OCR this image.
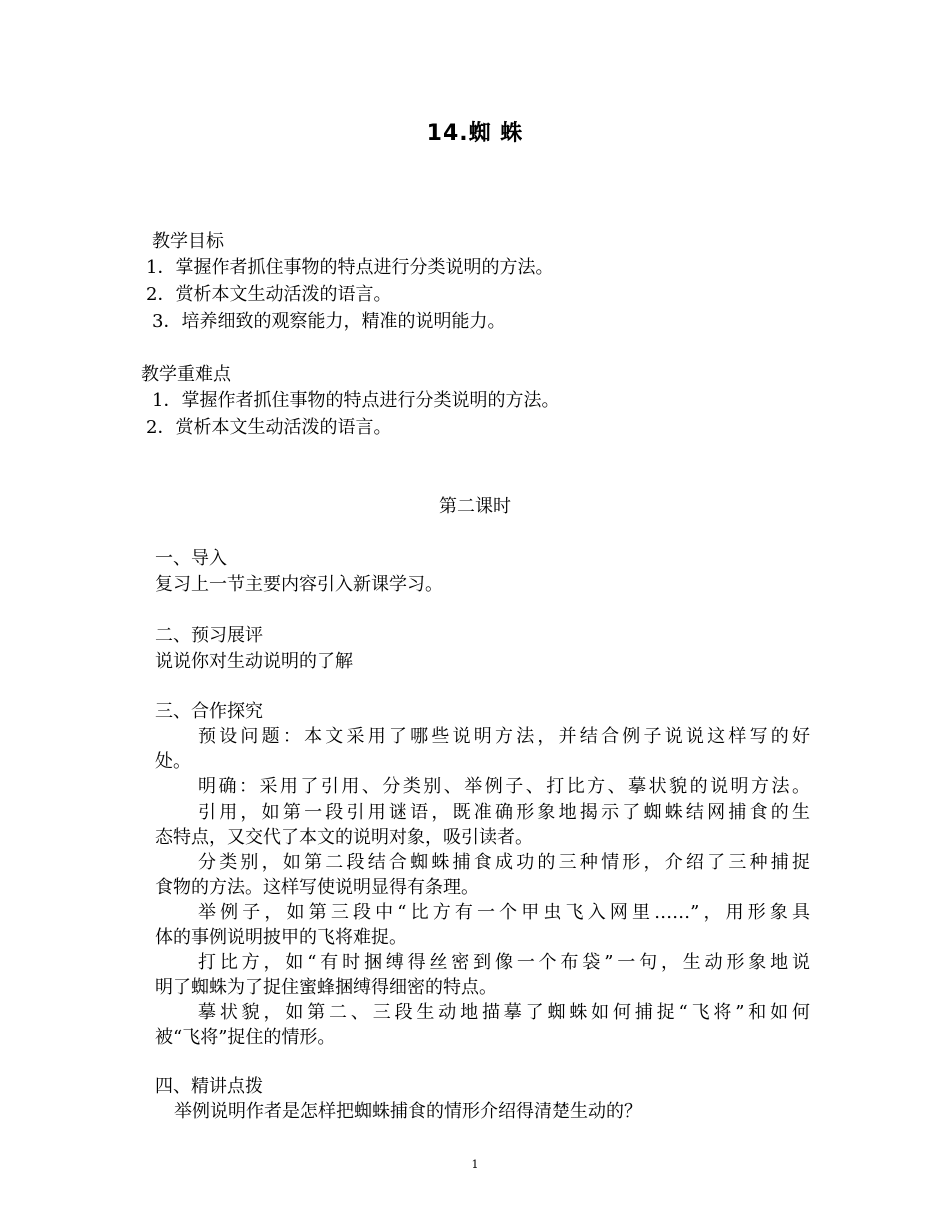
14.蜘 蛛
教学目标
1．掌握作者抓住事物的特点进行分类说明的方法。
2．赏析本文生动活泼的语言。
3．培养细致的观察能力，精准的说明能力。
教学重难点
1．掌握作者抓住事物的特点进行分类说明的方法。
2．赏析本文生动活泼的语言。
第二课时
一、导入
复习上一节主要内容引入新课学习。
二、预习展评
说说你对生动说明的了解
三、合作探究
预设问题：本文采用了哪些说明方法，并结合例子说说这样写的好
处。
明确：采用了引用、分类别、举例子、打比方、摹状貌的说明方法。
引用，如第一段引用谜语，既准确形象地揭示了蜘蛛结网捕食的生
态特点，又交代了本文的说明对象，吸引读者。
分类别，如第二段结合蜘蛛捕食成功的三种情形，介绍了三种捕捉
食物的方法。这样写使说明显得有条理。
举例子，如第三段中“比方有一个甲虫飞入网里……”，用形象具
体的事例说明披甲的飞将难捉。
打比方，如“有时捆缚得丝密到像一个布袋”一句，生动形象地说
明了蜘蛛为了捉住蜜蜂捆缚得细密的特点。
摹状貌，如第二、三段生动地描摹了蜘蛛如何捕捉“飞将”和如何
被“飞将”捉住的情形。
四、精讲点拨
举例说明作者是怎样把蜘蛛捕食的情形介绍得清楚生动的？
1
